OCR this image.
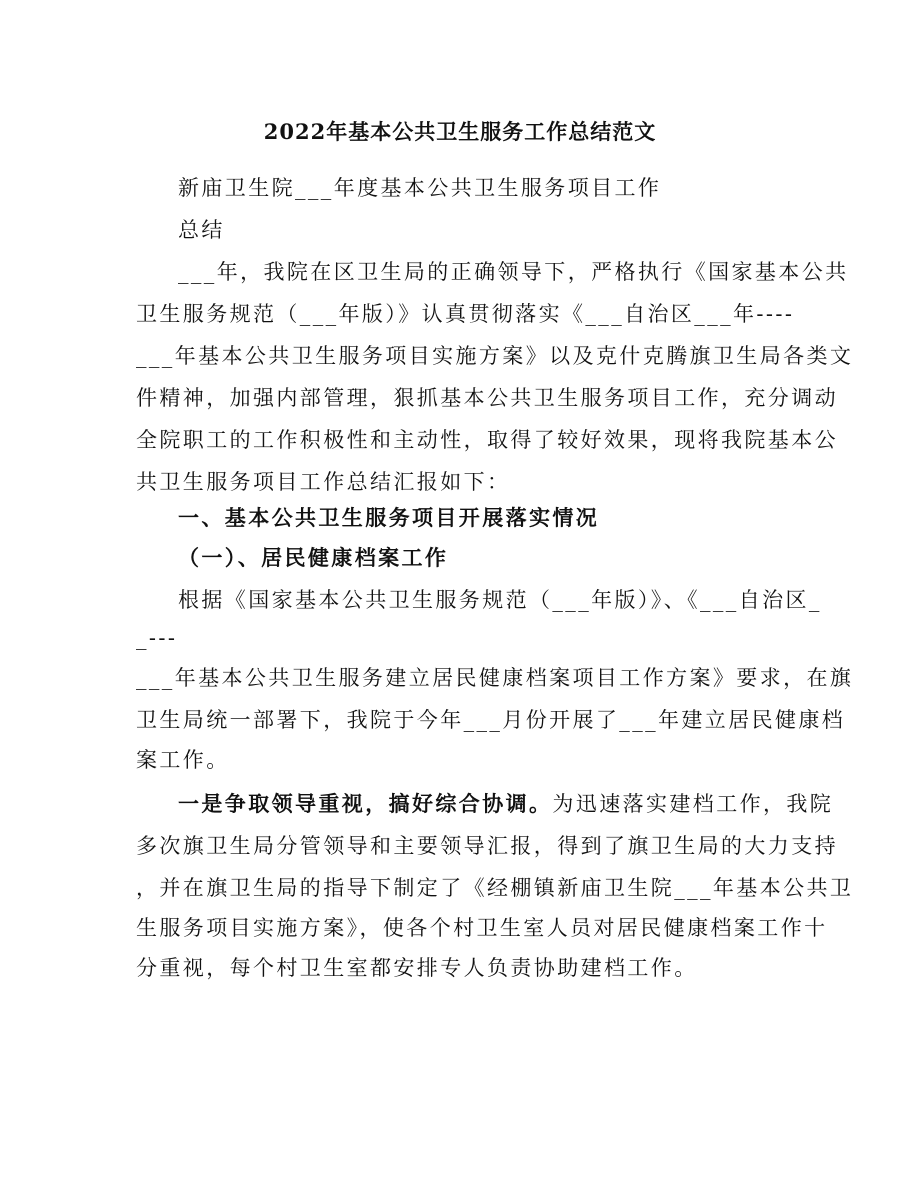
2022年基本公共卫生服务工作总结范文
新庙卫生院___年度基本公共卫生服务项目工作
总结
___年，我院在区卫生局的正确领导下，严格执行《国家基本公共
卫生服务规范（___年版）》认真贯彻落实《___自治区___年----
___年基本公共卫生服务项目实施方案》以及克什克腾旗卫生局各类文
件精神，加强内部管理，狠抓基本公共卫生服务项目工作，充分调动
全院职工的工作积极性和主动性，取得了较好效果，现将我院基本公
共卫生服务项目工作总结汇报如下：
一、基本公共卫生服务项目开展落实情况
（一）、居民健康档案工作
根据《国家基本公共卫生服务规范（___年版）》、《___自治区_
_---
___年基本公共卫生服务建立居民健康档案项目工作方案》要求，在旗
卫生局统一部署下，我院于今年___月份开展了___年建立居民健康档
案工作。
一是争取领导重视，搞好综合协调。为迅速落实建档工作，我院
多次旗卫生局分管领导和主要领导汇报，得到了旗卫生局的大力支持
，并在旗卫生局的指导下制定了《经棚镇新庙卫生院___年基本公共卫
生服务项目实施方案》，使各个村卫生室人员对居民健康档案工作十
分重视，每个村卫生室都安排专人负责协助建档工作。
